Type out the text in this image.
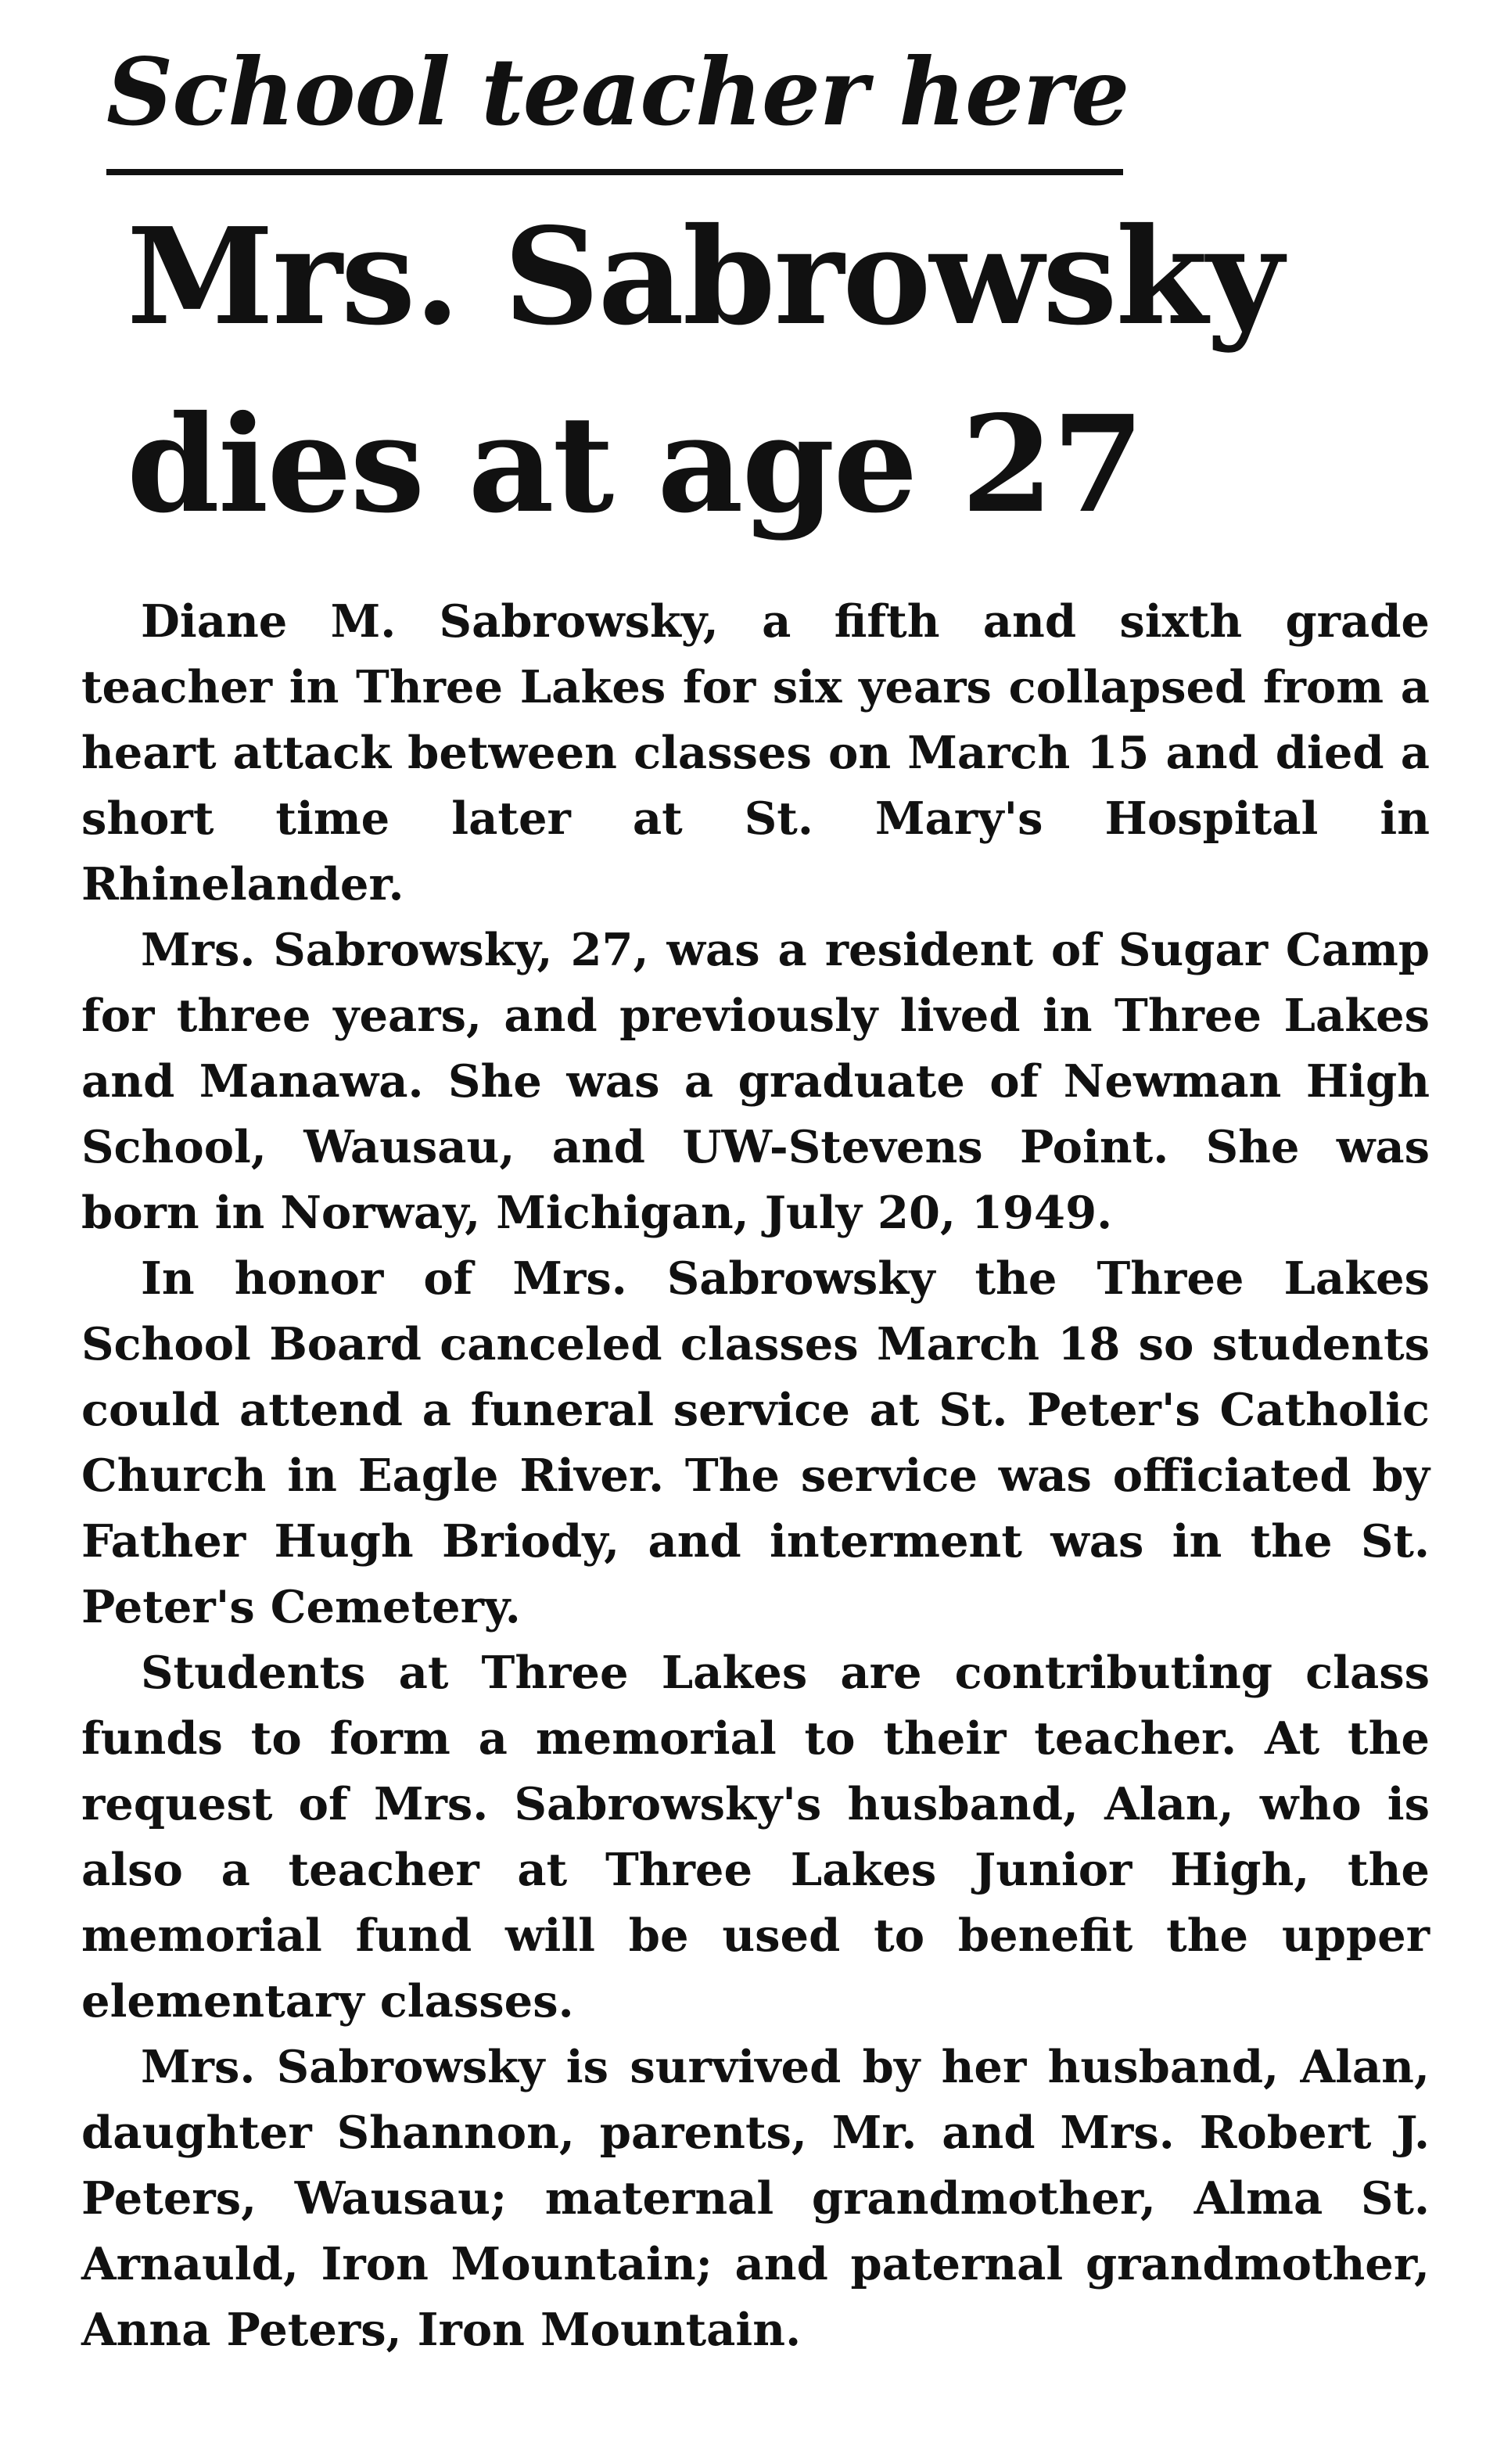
School teacher here
Mrs. Sabrowsky
dies at age 27

Diane M. Sabrowsky, a fifth and sixth grade teacher in Three Lakes for six years collapsed from a heart attack between classes on March 15 and died a short time later at St. Mary's Hospital in Rhinelander.

Mrs. Sabrowsky, 27, was a resident of Sugar Camp for three years, and previously lived in Three Lakes and Manawa. She was a graduate of Newman High School, Wausau, and UW-Stevens Point. She was born in Norway, Michigan, July 20, 1949.

In honor of Mrs. Sabrowsky the Three Lakes School Board canceled classes March 18 so students could attend a funeral service at St. Peter's Catholic Church in Eagle River. The service was officiated by Father Hugh Briody, and interment was in the St. Peter's Cemetery.

Students at Three Lakes are contributing class funds to form a memorial to their teacher. At the request of Mrs. Sabrowsky's husband, Alan, who is also a teacher at Three Lakes Junior High, the memorial fund will be used to benefit the upper elementary classes.

Mrs. Sabrowsky is survived by her husband, Alan, daughter Shannon, parents, Mr. and Mrs. Robert J. Peters, Wausau; maternal grandmother, Alma St. Arnauld, Iron Mountain; and paternal grandmother, Anna Peters, Iron Mountain.
